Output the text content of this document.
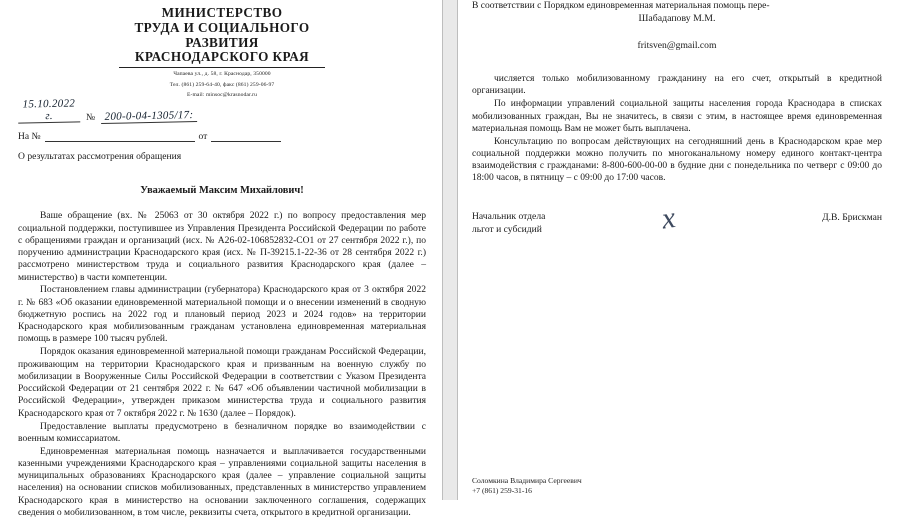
МИНИСТЕРСТВО
ТРУДА И СОЦИАЛЬНОГО
РАЗВИТИЯ
КРАСНОДАРСКОГО КРАЯ
Чапаева ул., д. 58, г. Краснодар, 350000
Тел. (861) 259-64-40, факс (861) 259-06-97
E-mail: minsoc@krasnodar.ru
15.10.2022 г.	№ 200-0-04-1305/17:
На №	от
О результатах рассмотрения обращения
Уважаемый Максим Михайлович!

Ваше обращение (вх. № 25063 от 30 октября 2022 г.) по вопросу предоставления мер социальной поддержки, поступившее из Управления Президента Российской Федерации по работе с обращениями граждан и организаций (исх. № А26-02-106852832-СО1 от 27 сентября 2022 г.), по поручению администрации Краснодарского края (исх. № П-39215.1-22-36 от 28 сентября 2022 г.) рассмотрено министерством труда и социального развития Краснодарского края (далее – министерство) в части компетенции.

Постановлением главы администрации (губернатора) Краснодарского края от 3 октября 2022 г. № 683 «Об оказании единовременной материальной помощи и о внесении изменений в сводную бюджетную роспись на 2022 год и плановый период 2023 и 2024 годов» на территории Краснодарского края мобилизованным гражданам установлена единовременная материальная помощь в размере 100 тысяч рублей.

Порядок оказания единовременной материальной помощи гражданам Российской Федерации, проживающим на территории Краснодарского края и призванным на военную службу по мобилизации в Вооруженные Силы Российской Федерации в соответствии с Указом Президента Российской Федерации от 21 сентября 2022 г. № 647 «Об объявлении частичной мобилизации в Российской Федерации», утвержден приказом министерства труда и социального развития Краснодарского края от 7 октября 2022 г. № 1630 (далее – Порядок).

Предоставление выплаты предусмотрено в безналичном порядке во взаимодействии с военным комиссариатом.

Единовременная материальная помощь назначается и выплачивается государственными казенными учреждениями Краснодарского края – управлениями социальной защиты населения в муниципальных образованиях Краснодарского края (далее – управление социальной защиты населения) на основании списков мобилизованных, представленных в министерство управлением Краснодарского края в министерство на основании заключенного соглашения, содержащих сведения о мобилизованном, в том числе, реквизиты счета, открытого в кредитной организации.

В соответствии с Порядком единовременная материальная помощь пере-
Шабадапову М.М.
fritsven@gmail.com

числяется только мобилизованному гражданину на его счет, открытый в кредитной организации.

По информации управлений социальной защиты населения города Краснодара в списках мобилизованных граждан, Вы не значитесь, в связи с этим, в настоящее время единовременная материальная помощь Вам не может быть выплачена.

Консультацию по вопросам действующих на сегодняшний день в Краснодарском крае мер социальной поддержки можно получить по многоканальному номеру единого контакт-центра взаимодействия с гражданами: 8-800-600-00-00 в будние дни с понедельника по четверг с 09:00 до 18:00 часов, в пятницу – с 09:00 до 17:00 часов.

Начальник отдела
льгот и субсидий	x	Д.В. Брискман
Соломкина Владимира Сергеевич
+7 (861) 259-31-16
